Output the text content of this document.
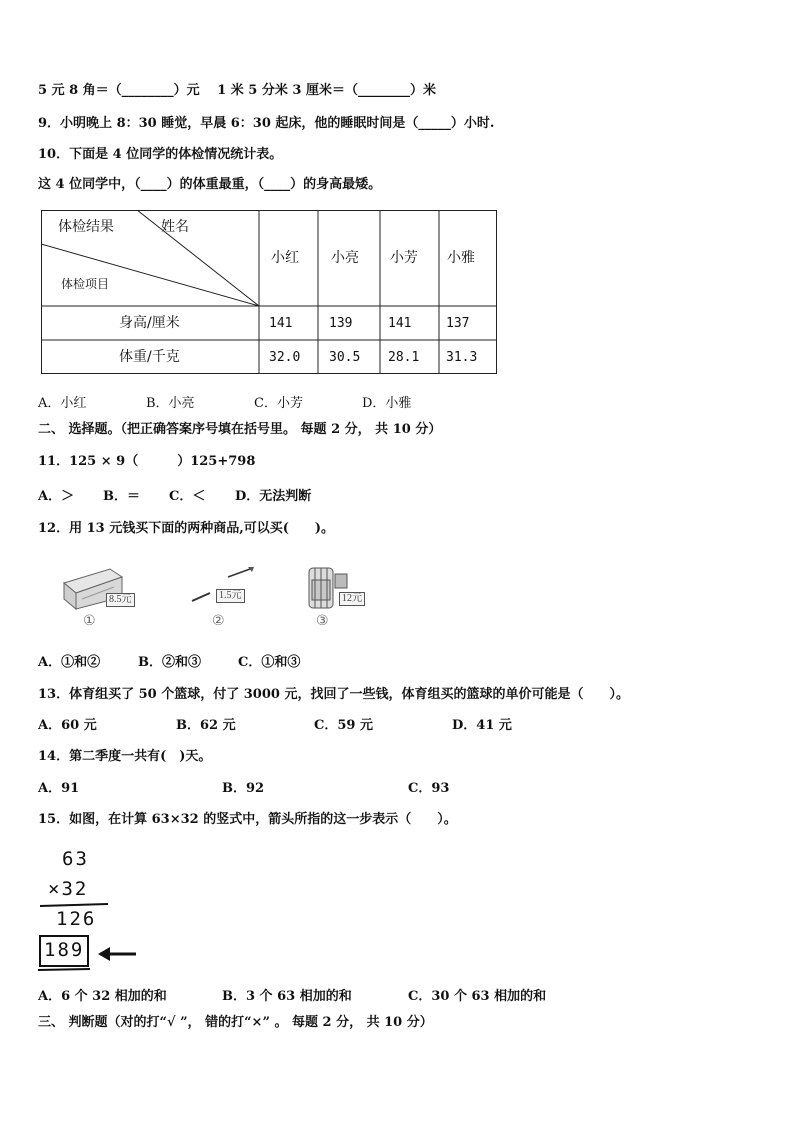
5 元 8 角＝（________）元　 1 米 5 分米 3 厘米＝（________）米
9．小明晚上 8：30 睡觉，早晨 6：30 起床，他的睡眠时间是（_____）小时.
10．下面是 4 位同学的体检情况统计表。
这 4 位同学中，（____）的体重最重，（____）的身高最矮。
体检结果	姓名
体检项目
小红 小亮 小芳 小雅
身高/厘米	141	139	141	137
体重/千克	32.0 30.5 28.1 31.3
A．小红	B．小亮	C．小芳	D．小雅
二、 选择题。（把正确答案序号填在括号里。 每题 2 分， 共 10 分）
11．125 × 9（　　　）125+798
A．＞ B．＝ C．＜ D．无法判断
12．用 13 元钱买下面的两种商品,可以买(　　)。
8.5元
①
1.5元
②
12元
③
A．①和②	B．②和③	C．①和③
13．体育组买了 50 个篮球，付了 3000 元，找回了一些钱，体育组买的篮球的单价可能是（　　）。
A．60 元	B．62 元	C．59 元	D．41 元
14．第二季度一共有(　)天。
A．91	B．92	C．93
15．如图，在计算 63×32 的竖式中，箭头所指的这一步表示（　　）。
63
×32
126
189
A．6 个 32 相加的和	B．3 个 63 相加的和	C．30 个 63 相加的和
三、 判断题（对的打“√ ”， 错的打“×” 。 每题 2 分， 共 10 分）
